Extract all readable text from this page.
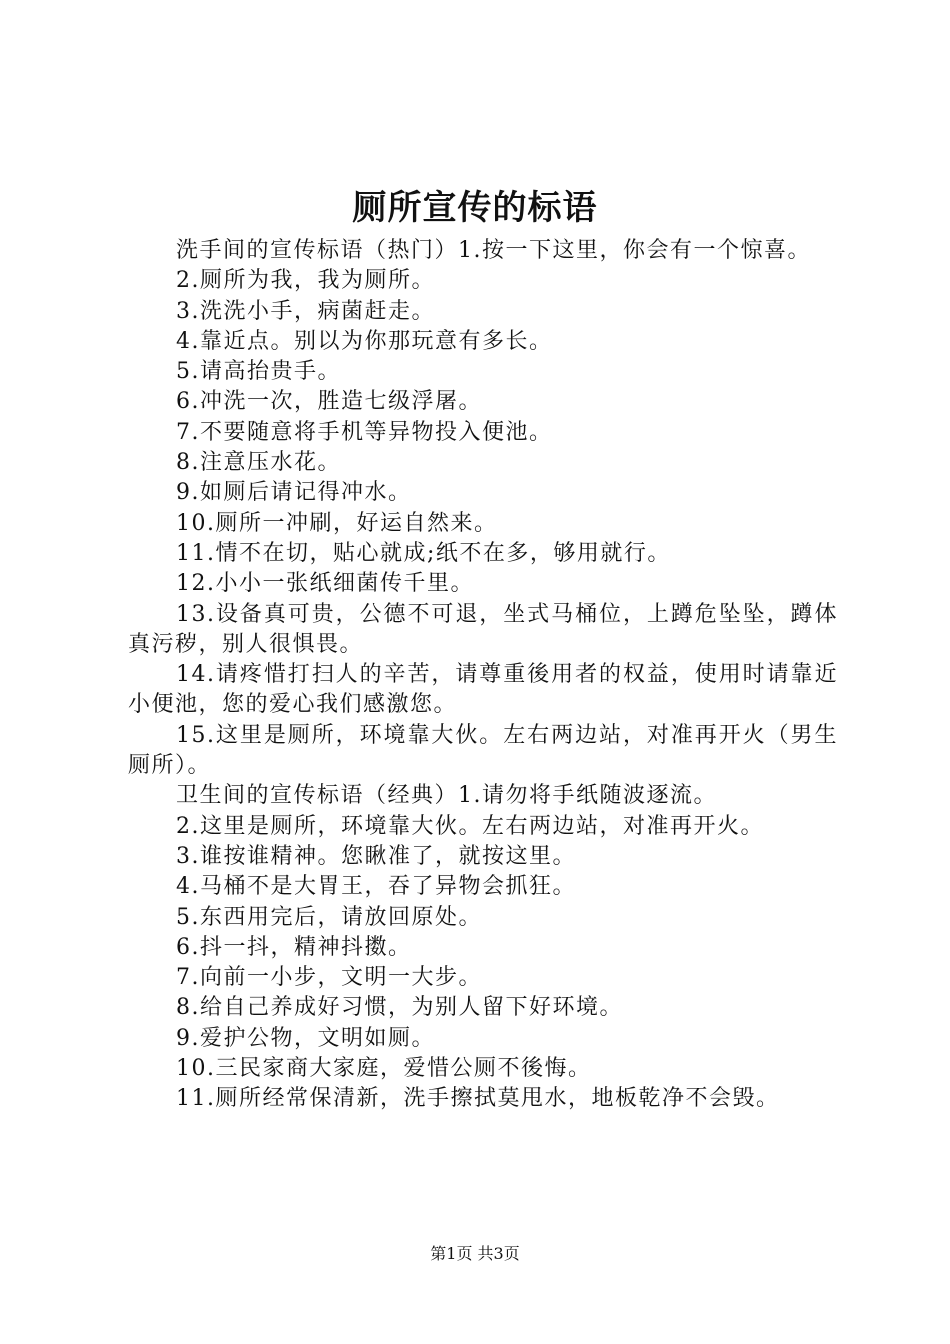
厕所宣传的标语

洗手间的宣传标语（热门）1.按一下这里，你会有一个惊喜。

2.厕所为我，我为厕所。

3.洗洗小手，病菌赶走。

4.靠近点。别以为你那玩意有多长。

5.请高抬贵手。

6.冲洗一次，胜造七级浮屠。

7.不要随意将手机等异物投入便池。

8.注意压水花。

9.如厕后请记得冲水。

10.厕所一冲刷，好运自然来。

11.情不在切，贴心就成;纸不在多，够用就行。

12.小小一张纸细菌传千里。

13.设备真可贵，公德不可退，坐式马桶位，上蹲危坠坠，蹲体真污秽，别人很惧畏。

14.请疼惜打扫人的辛苦，请尊重後用者的权益，使用时请靠近小便池，您的爱心我们感激您。

15.这里是厕所，环境靠大伙。左右两边站，对准再开火（男生厕所）。

卫生间的宣传标语（经典）1.请勿将手纸随波逐流。

2.这里是厕所，环境靠大伙。左右两边站，对准再开火。

3.谁按谁精神。您瞅准了，就按这里。

4.马桶不是大胃王，吞了异物会抓狂。

5.东西用完后，请放回原处。

6.抖一抖，精神抖擞。

7.向前一小步，文明一大步。

8.给自己养成好习惯，为别人留下好环境。

9.爱护公物，文明如厕。

10.三民家商大家庭，爱惜公厕不後悔。

11.厕所经常保清新，洗手擦拭莫甩水，地板乾净不会毁。

第1页 共3页
